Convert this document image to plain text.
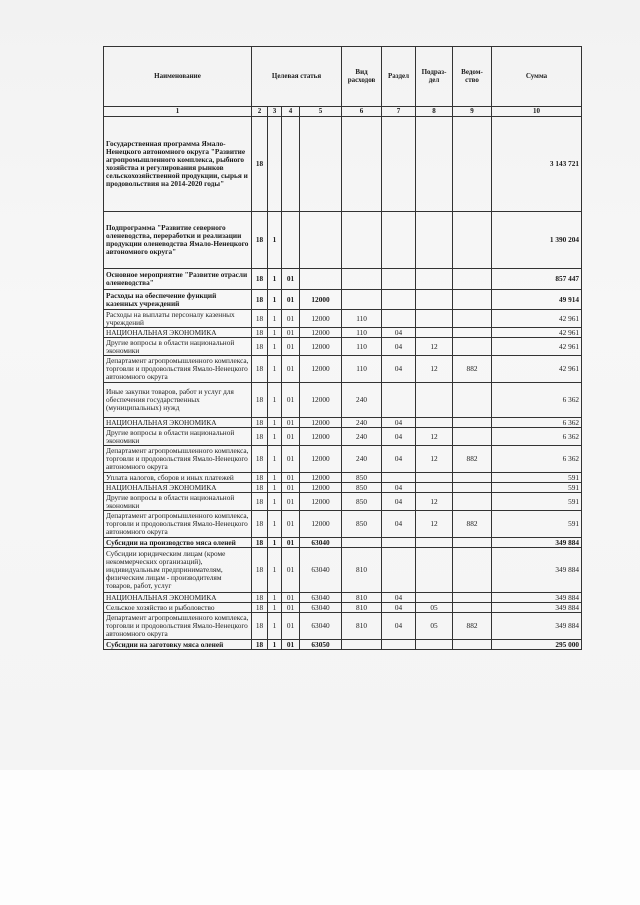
Наименование	Целевая статья				Вид расходов	Раздел	Подраз-дел	Ведом-ство	Сумма
1	2	3	4	5	6	7	8	9	10
Государственная программа Ямало-Ненецкого автономного округа "Развитие агропромышленного комплекса, рыбного хозяйства и регулирования рынков сельскохозяйственной продукции, сырья и продовольствия на 2014-2020 годы"	18								3 143 721
Подпрограмма "Развитие северного оленеводства, переработки и реализации продукции оленеводства Ямало-Ненецкого автономного округа"	18	1							1 390 204
Основное мероприятие "Развитие отрасли оленеводства"	18	1	01						857 447
Расходы на обеспечение функций казенных учреждений	18	1	01	12000					49 914
Расходы на выплаты персоналу казенных учреждений	18	1	01	12000	110				42 961
НАЦИОНАЛЬНАЯ ЭКОНОМИКА	18	1	01	12000	110	04			42 961
Другие вопросы в области национальной экономики	18	1	01	12000	110	04	12		42 961
Департамент агропромышленного комплекса, торговли и продовольствия Ямало-Ненецкого автономного округа	18	1	01	12000	110	04	12	882	42 961
Иные закупки товаров, работ и услуг для обеспечения государственных (муниципальных) нужд	18	1	01	12000	240				6 362
НАЦИОНАЛЬНАЯ ЭКОНОМИКА	18	1	01	12000	240	04			6 362
Другие вопросы в области национальной экономики	18	1	01	12000	240	04	12		6 362
Департамент агропромышленного комплекса, торговли и продовольствия Ямало-Ненецкого автономного округа	18	1	01	12000	240	04	12	882	6 362
Уплата налогов, сборов и иных платежей	18	1	01	12000	850				591
НАЦИОНАЛЬНАЯ ЭКОНОМИКА	18	1	01	12000	850	04			591
Другие вопросы в области национальной экономики	18	1	01	12000	850	04	12		591
Департамент агропромышленного комплекса, торговли и продовольствия Ямало-Ненецкого автономного округа	18	1	01	12000	850	04	12	882	591
Субсидии на производство мяса оленей	18	1	01	63040					349 884
Субсидии юридическим лицам (кроме некоммерческих организаций), индивидуальным предпринимателям, физическим лицам - производителям товаров, работ, услуг	18	1	01	63040	810				349 884
НАЦИОНАЛЬНАЯ ЭКОНОМИКА	18	1	01	63040	810	04			349 884
Сельское хозяйство и рыболовство	18	1	01	63040	810	04	05		349 884
Департамент агропромышленного комплекса, торговли и продовольствия Ямало-Ненецкого автономного округа	18	1	01	63040	810	04	05	882	349 884
Субсидии на заготовку мяса оленей	18	1	01	63050					295 000
